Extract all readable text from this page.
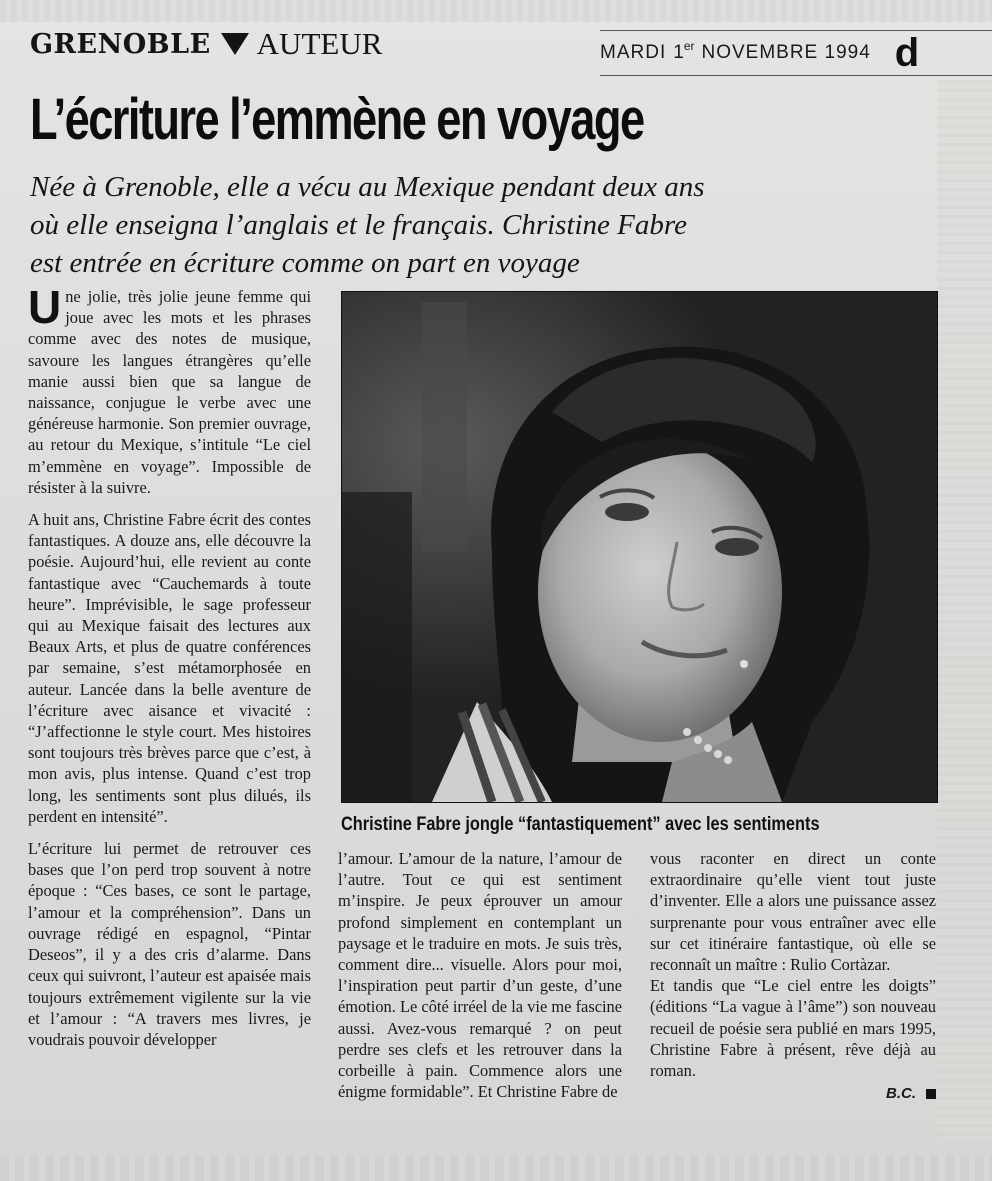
GRENOBLE AUTEUR	MARDI 1 er NOVEMBRE 1994 d
L’écriture l’emmène en voyage

Née à Grenoble, elle a vécu au Mexique pendant deux ans
où elle enseigna l’anglais et le français. Christine Fabre
est entrée en écriture comme on part en voyage

Une jolie, très jolie jeune femme qui joue avec les mots et les phrases comme avec des notes de musique, savoure les langues étrangères qu’elle manie aussi bien que sa langue de naissance, conjugue le verbe avec une généreuse harmonie. Son premier ouvrage, au retour du Mexique, s’intitule “Le ciel m’emmène en voyage”. Impossible de résister à la suivre.

A huit ans, Christine Fabre écrit des contes fantastiques. A douze ans, elle découvre la poésie. Aujourd’hui, elle revient au conte fantastique avec “Cauchemards à toute heure”. Imprévisible, le sage professeur qui au Mexique faisait des lectures aux Beaux Arts, et plus de quatre conférences par semaine, s’est métamorphosée en auteur. Lancée dans la belle aventure de l’écriture avec aisance et vivacité : “J’affectionne le style court. Mes histoires sont toujours très brèves parce que c’est, à mon avis, plus intense. Quand c’est trop long, les sentiments sont plus dilués, ils perdent en intensité”.

L’écriture lui permet de retrouver ces bases que l’on perd trop souvent à notre époque : “Ces bases, ce sont le partage, l’amour et la compréhension”. Dans un ouvrage rédigé en espagnol, “Pintar Deseos”, il y a des cris d’alarme. Dans ceux qui suivront, l’auteur est apaisée mais toujours extrêmement vigilente sur la vie et l’amour : “A travers mes livres, je voudrais pouvoir développer

Christine Fabre jongle “fantastiquement” avec les sentiments

l’amour. L’amour de la nature, l’amour de l’autre. Tout ce qui est sentiment m’inspire. Je peux éprouver un amour profond simplement en contemplant un paysage et le traduire en mots. Je suis très, comment dire... visuelle. Alors pour moi, l’inspiration peut partir d’un geste, d’une émotion. Le côté irréel de la vie me fascine aussi. Avez-vous remarqué ? on peut perdre ses clefs et les retrouver dans la corbeille à pain. Commence alors une énigme formidable”. Et Christine Fabre de

vous raconter en direct un conte extraordinaire qu’elle vient tout juste d’inventer. Elle a alors une puissance assez surprenante pour vous entraîner avec elle sur cet itinéraire fantastique, où elle se reconnaît un maître : Rulio Cortàzar.

Et tandis que “Le ciel entre les doigts” (éditions “La vague à l’âme”) son nouveau recueil de poésie sera publié en mars 1995, Christine Fabre à présent, rêve déjà au roman.

B.C.
